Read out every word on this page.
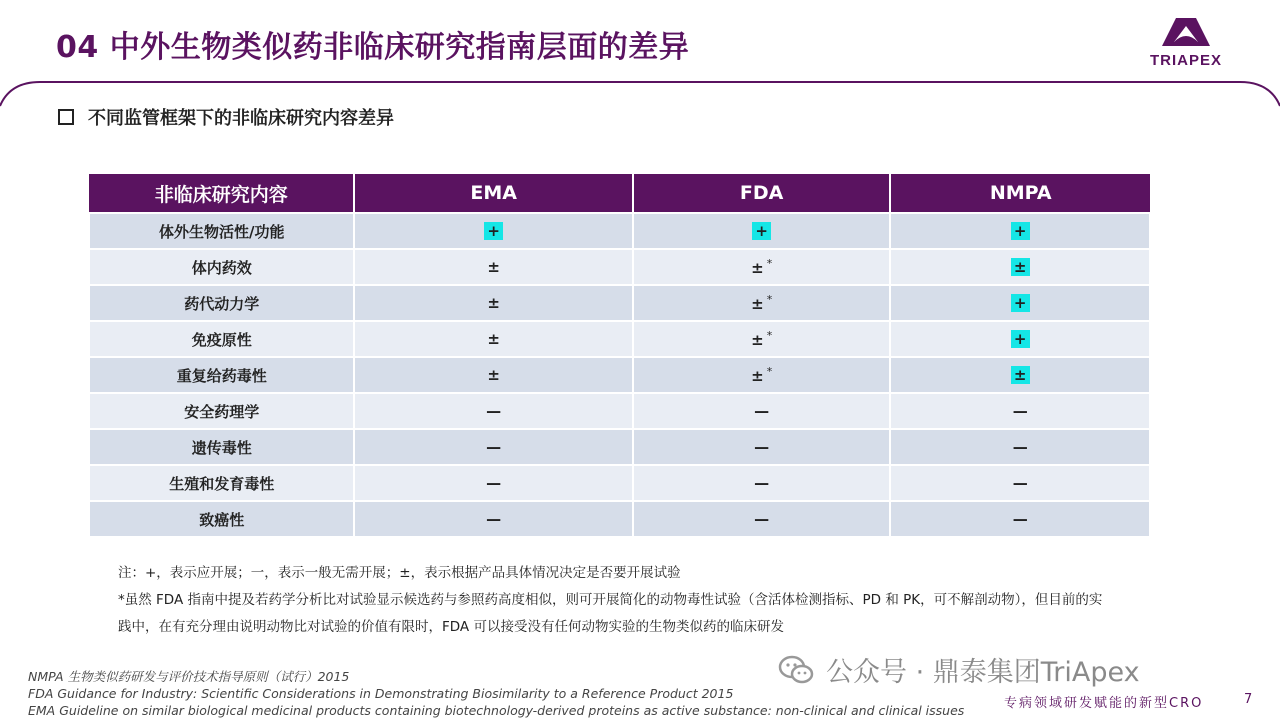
04 中外生物类似药非临床研究指南层面的差异	TRIAPEX
不同监管框架下的非临床研究内容差异
非临床研究内容	EMA	FDA	NMPA
体外生物活性/功能	+	+	+
体内药效	±	± *	±
药代动力学	±	± *	+
免疫原性	±	± *	+
重复给药毒性	±	± *	±
安全药理学	—	—	—
遗传毒性	—	—	—
生殖和发育毒性	—	—	—
致癌性	—	—	—

注：+，表示应开展；一，表示一般无需开展；±，表示根据产品具体情况决定是否要开展试验

*虽然 FDA 指南中提及若药学分析比对试验显示候选药与参照药高度相似，则可开展简化的动物毒性试验（含活体检测指标、PD 和 PK，可不解剖动物），但目前的实

践中，在有充分理由说明动物比对试验的价值有限时，FDA 可以接受没有任何动物实验的生物类似药的临床研发

NMPA 生物类似药研发与评价技术指导原则（试行）2015

FDA Guidance for Industry: Scientific Considerations in Demonstrating Biosimilarity to a Reference Product 2015

EMA Guideline on similar biological medicinal products containing biotechnology-derived proteins as active substance: non-clinical and clinical issues

公众号 · 鼎泰集团TriApex
专病领域研发赋能的新型CRO	7
